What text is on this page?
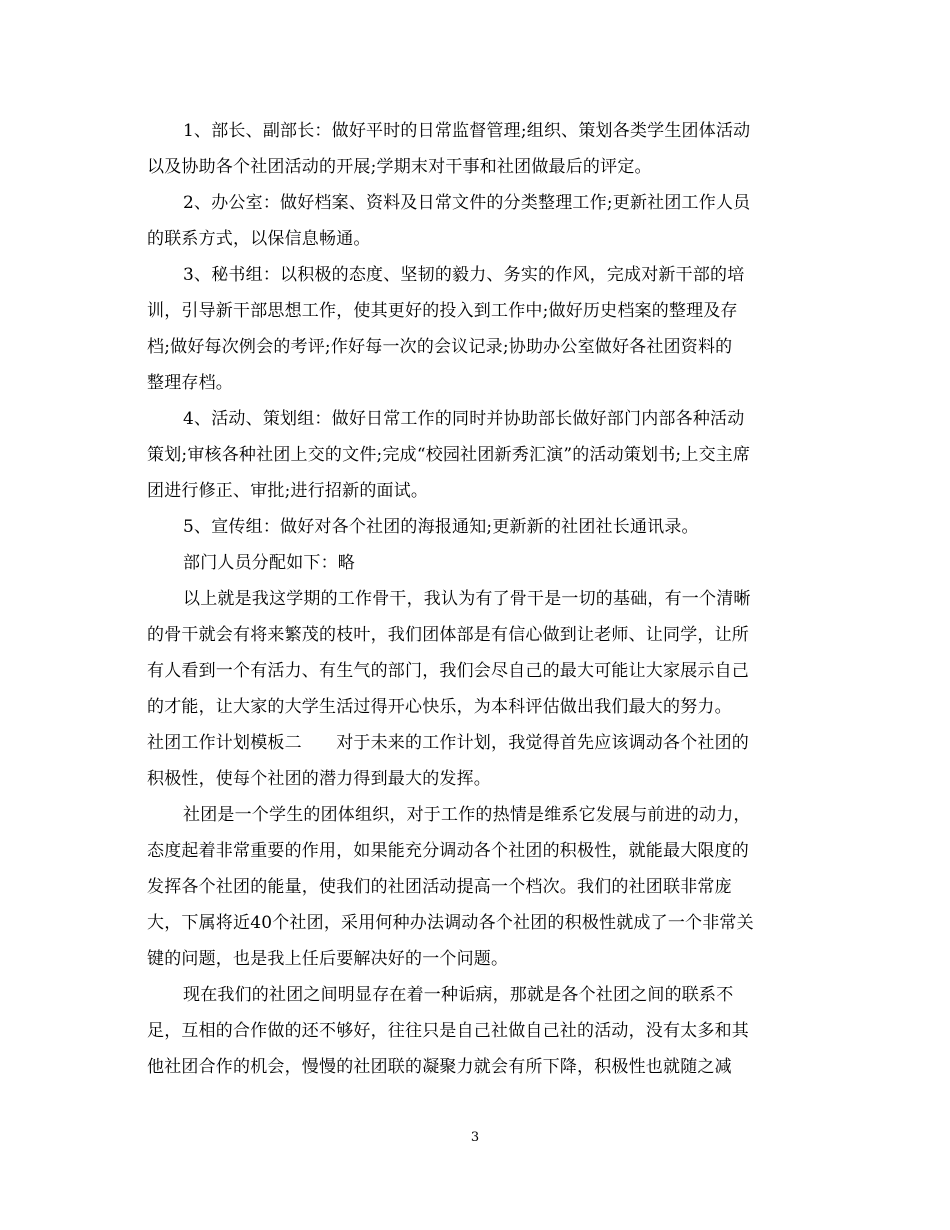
1、部长、副部长：做好平时的日常监督管理;组织、策划各类学生团体活动
以及协助各个社团活动的开展;学期末对干事和社团做最后的评定。
2、办公室：做好档案、资料及日常文件的分类整理工作;更新社团工作人员
的联系方式，以保信息畅通。
3、秘书组：以积极的态度、坚韧的毅力、务实的作风，完成对新干部的培
训，引导新干部思想工作，使其更好的投入到工作中;做好历史档案的整理及存
档;做好每次例会的考评;作好每一次的会议记录;协助办公室做好各社团资料的
整理存档。
4、活动、策划组：做好日常工作的同时并协助部长做好部门内部各种活动
策划;审核各种社团上交的文件;完成“校园社团新秀汇演”的活动策划书;上交主席
团进行修正、审批;进行招新的面试。
5、宣传组：做好对各个社团的海报通知;更新新的社团社长通讯录。
部门人员分配如下：略
以上就是我这学期的工作骨干，我认为有了骨干是一切的基础，有一个清晰
的骨干就会有将来繁茂的枝叶，我们团体部是有信心做到让老师、让同学，让所
有人看到一个有活力、有生气的部门，我们会尽自己的最大可能让大家展示自己
的才能，让大家的大学生活过得开心快乐，为本科评估做出我们最大的努力。
社团工作计划模板二　　对于未来的工作计划，我觉得首先应该调动各个社团的
积极性，使每个社团的潜力得到最大的发挥。
社团是一个学生的团体组织，对于工作的热情是维系它发展与前进的动力，
态度起着非常重要的作用，如果能充分调动各个社团的积极性，就能最大限度的
发挥各个社团的能量，使我们的社团活动提高一个档次。我们的社团联非常庞
大，下属将近40个社团，采用何种办法调动各个社团的积极性就成了一个非常关
键的问题，也是我上任后要解决好的一个问题。
现在我们的社团之间明显存在着一种诟病，那就是各个社团之间的联系不
足，互相的合作做的还不够好，往往只是自己社做自己社的活动，没有太多和其
他社团合作的机会，慢慢的社团联的凝聚力就会有所下降，积极性也就随之减
3
